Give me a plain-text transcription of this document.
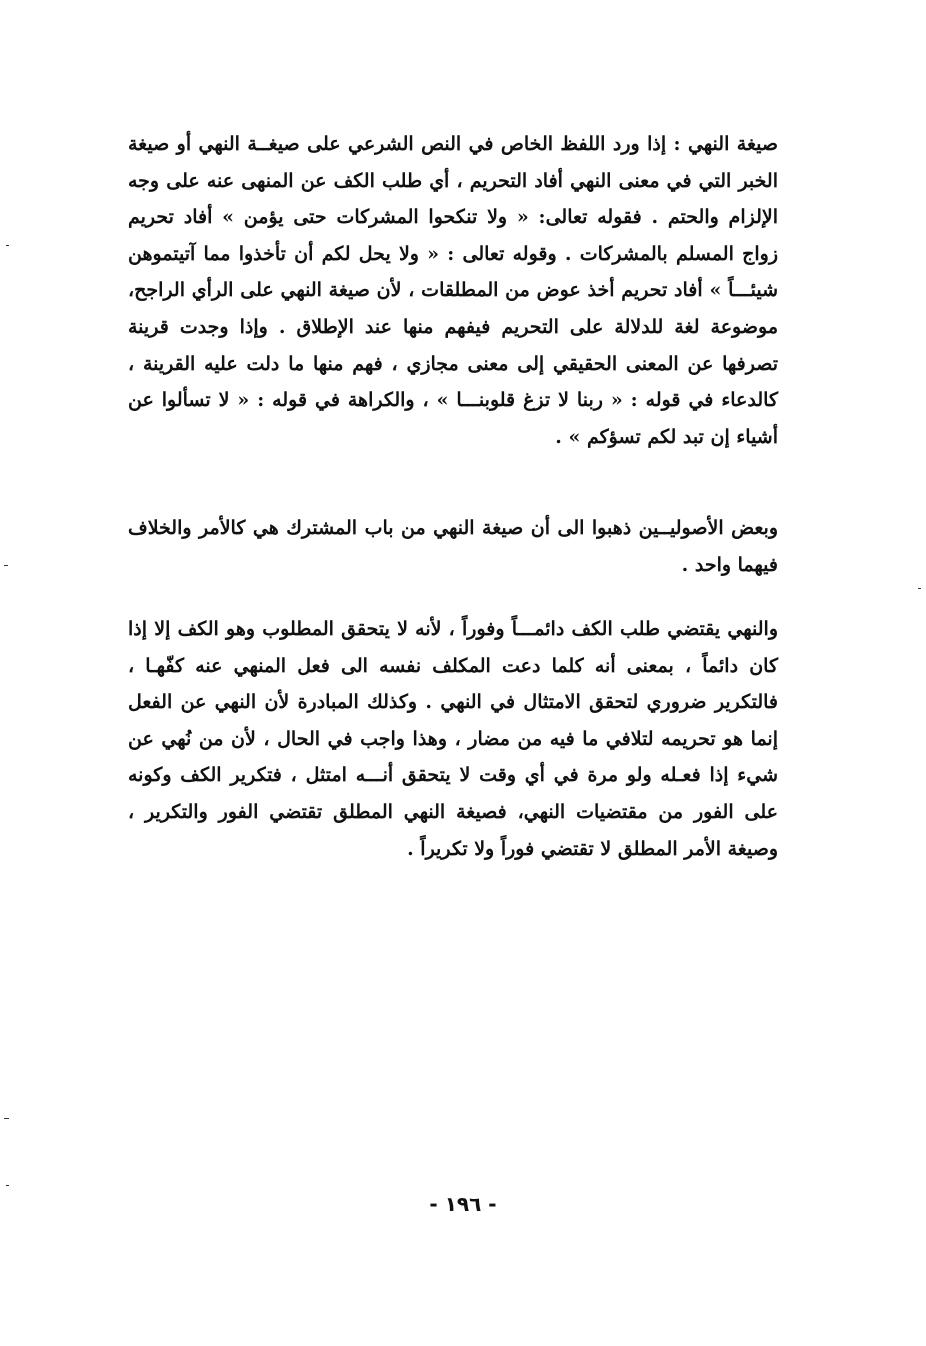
صيغة النهي : إذا ورد اللفظ الخاص في النص الشرعي على صيغــة النهي أو صيغة الخبر التي في معنى النهي أفاد التحريم ، أي طلب الكف عن المنهى عنه على وجه الإلزام والحتم . فقوله تعالى: « ولا تنكحوا المشركات حتى يؤمن » أفاد تحريم زواج المسلم بالمشركات . وقوله تعالى : « ولا يحل لكم أن تأخذوا مما آتيتموهن شيئـــاً » أفاد تحريم أخذ عوض من المطلقات ، لأن صيغة النهي على الرأي الراجح، موضوعة لغة للدلالة على التحريم فيفهم منها عند الإطلاق . وإذا وجدت قرينة تصرفها عن المعنى الحقيقي إلى معنى مجازي ، فهم منها ما دلت عليه القرينة ، كالدعاء في قوله : « ربنا لا تزغ قلوبنـــا » ، والكراهة في قوله : « لا تسألوا عن أشياء إن تبد لكم تسؤكم » .

وبعض الأصوليــين ذهبوا الى أن صيغة النهي من باب المشترك هي كالأمر والخلاف فيهما واحد .

والنهي يقتضي طلب الكف دائمـــاً وفوراً ، لأنه لا يتحقق المطلوب وهو الكف إلا إذا كان دائماً ، بمعنى أنه كلما دعت المكلف نفسه الى فعل المنهي عنه كفّهـا ، فالتكرير ضروري لتحقق الامتثال في النهي . وكذلك المبادرة لأن النهي عن الفعل إنما هو تحريمه لتلافي ما فيه من مضار ، وهذا واجب في الحال ، لأن من نُهي عن شيء إذا فعـله ولو مرة في أي وقت لا يتحقق أنـــه امتثل ، فتكرير الكف وكونه على الفور من مقتضيات النهي، فصيغة النهي المطلق تقتضي الفور والتكرير ، وصيغة الأمر المطلق لا تقتضي فوراً ولا تكريراً .

- ١٩٦ -
